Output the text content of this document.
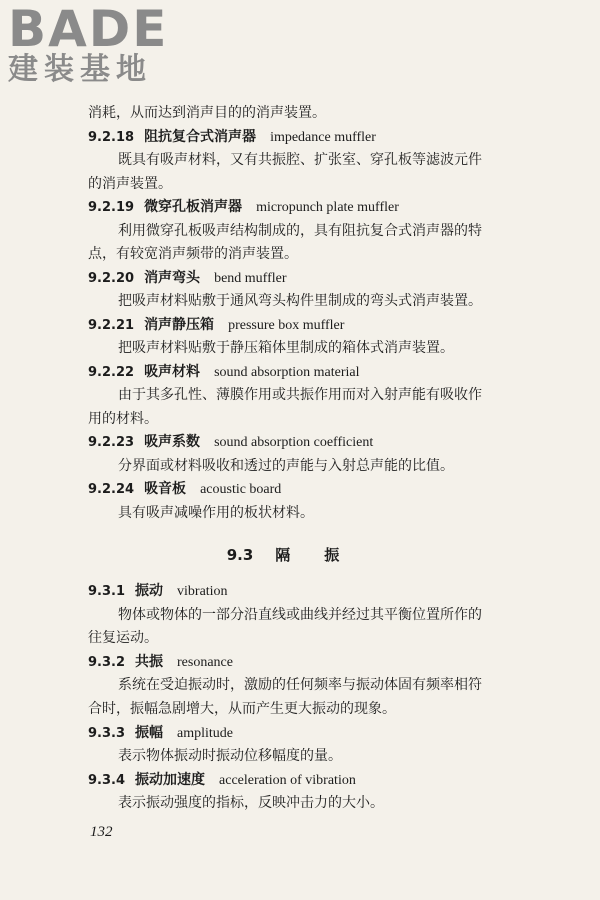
BADE
建装基地
消耗，从而达到消声目的的消声装置。
9.2.18 阻抗复合式消声器 impedance muffler
既具有吸声材料，又有共振腔、扩张室、穿孔板等滤波元件
的消声装置。
9.2.19 微穿孔板消声器 micropunch plate muffler
利用微穿孔板吸声结构制成的，具有阻抗复合式消声器的特
点，有较宽消声频带的消声装置。
9.2.20 消声弯头 bend muffler
把吸声材料贴敷于通风弯头构件里制成的弯头式消声装置。
9.2.21 消声静压箱 pressure box muffler
把吸声材料贴敷于静压箱体里制成的箱体式消声装置。
9.2.22 吸声材料 sound absorption material
由于其多孔性、薄膜作用或共振作用而对入射声能有吸收作
用的材料。
9.2.23 吸声系数 sound absorption coefficient
分界面或材料吸收和透过的声能与入射总声能的比值。
9.2.24 吸音板 acoustic board
具有吸声减噪作用的板状材料。
9.3 隔振
9.3.1 振动 vibration
物体或物体的一部分沿直线或曲线并经过其平衡位置所作的
往复运动。
9.3.2 共振 resonance
系统在受迫振动时，激励的任何频率与振动体固有频率相符
合时，振幅急剧增大，从而产生更大振动的现象。
9.3.3 振幅 amplitude
表示物体振动时振动位移幅度的量。
9.3.4 振动加速度 acceleration of vibration
表示振动强度的指标，反映冲击力的大小。
132
